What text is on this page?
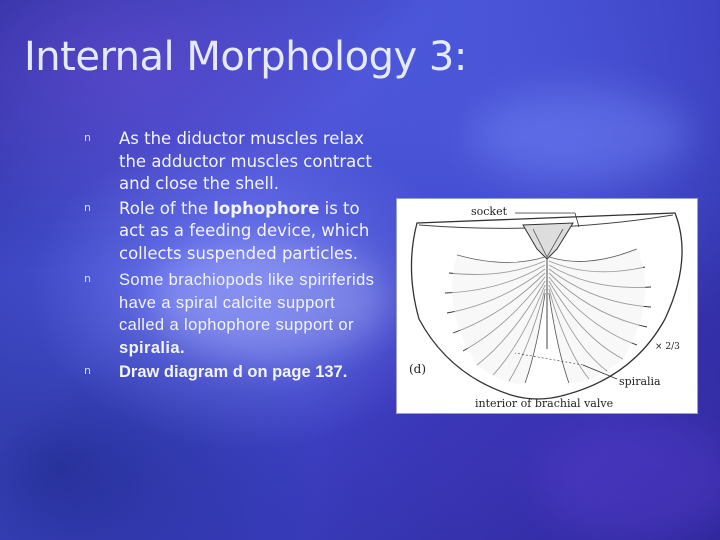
Internal Morphology 3:
n As the diductor muscles relax the adductor muscles contract and close the shell.
n Role of the lophophore is to act as a feeding device, which collects suspended particles.
n Some brachiopods like spiriferids have a spiral calcite support called a lophophore support or spiralia.
n Draw diagram d on page 137.
socket
(d)
× 2/3
spiralia
interior of brachial valve
